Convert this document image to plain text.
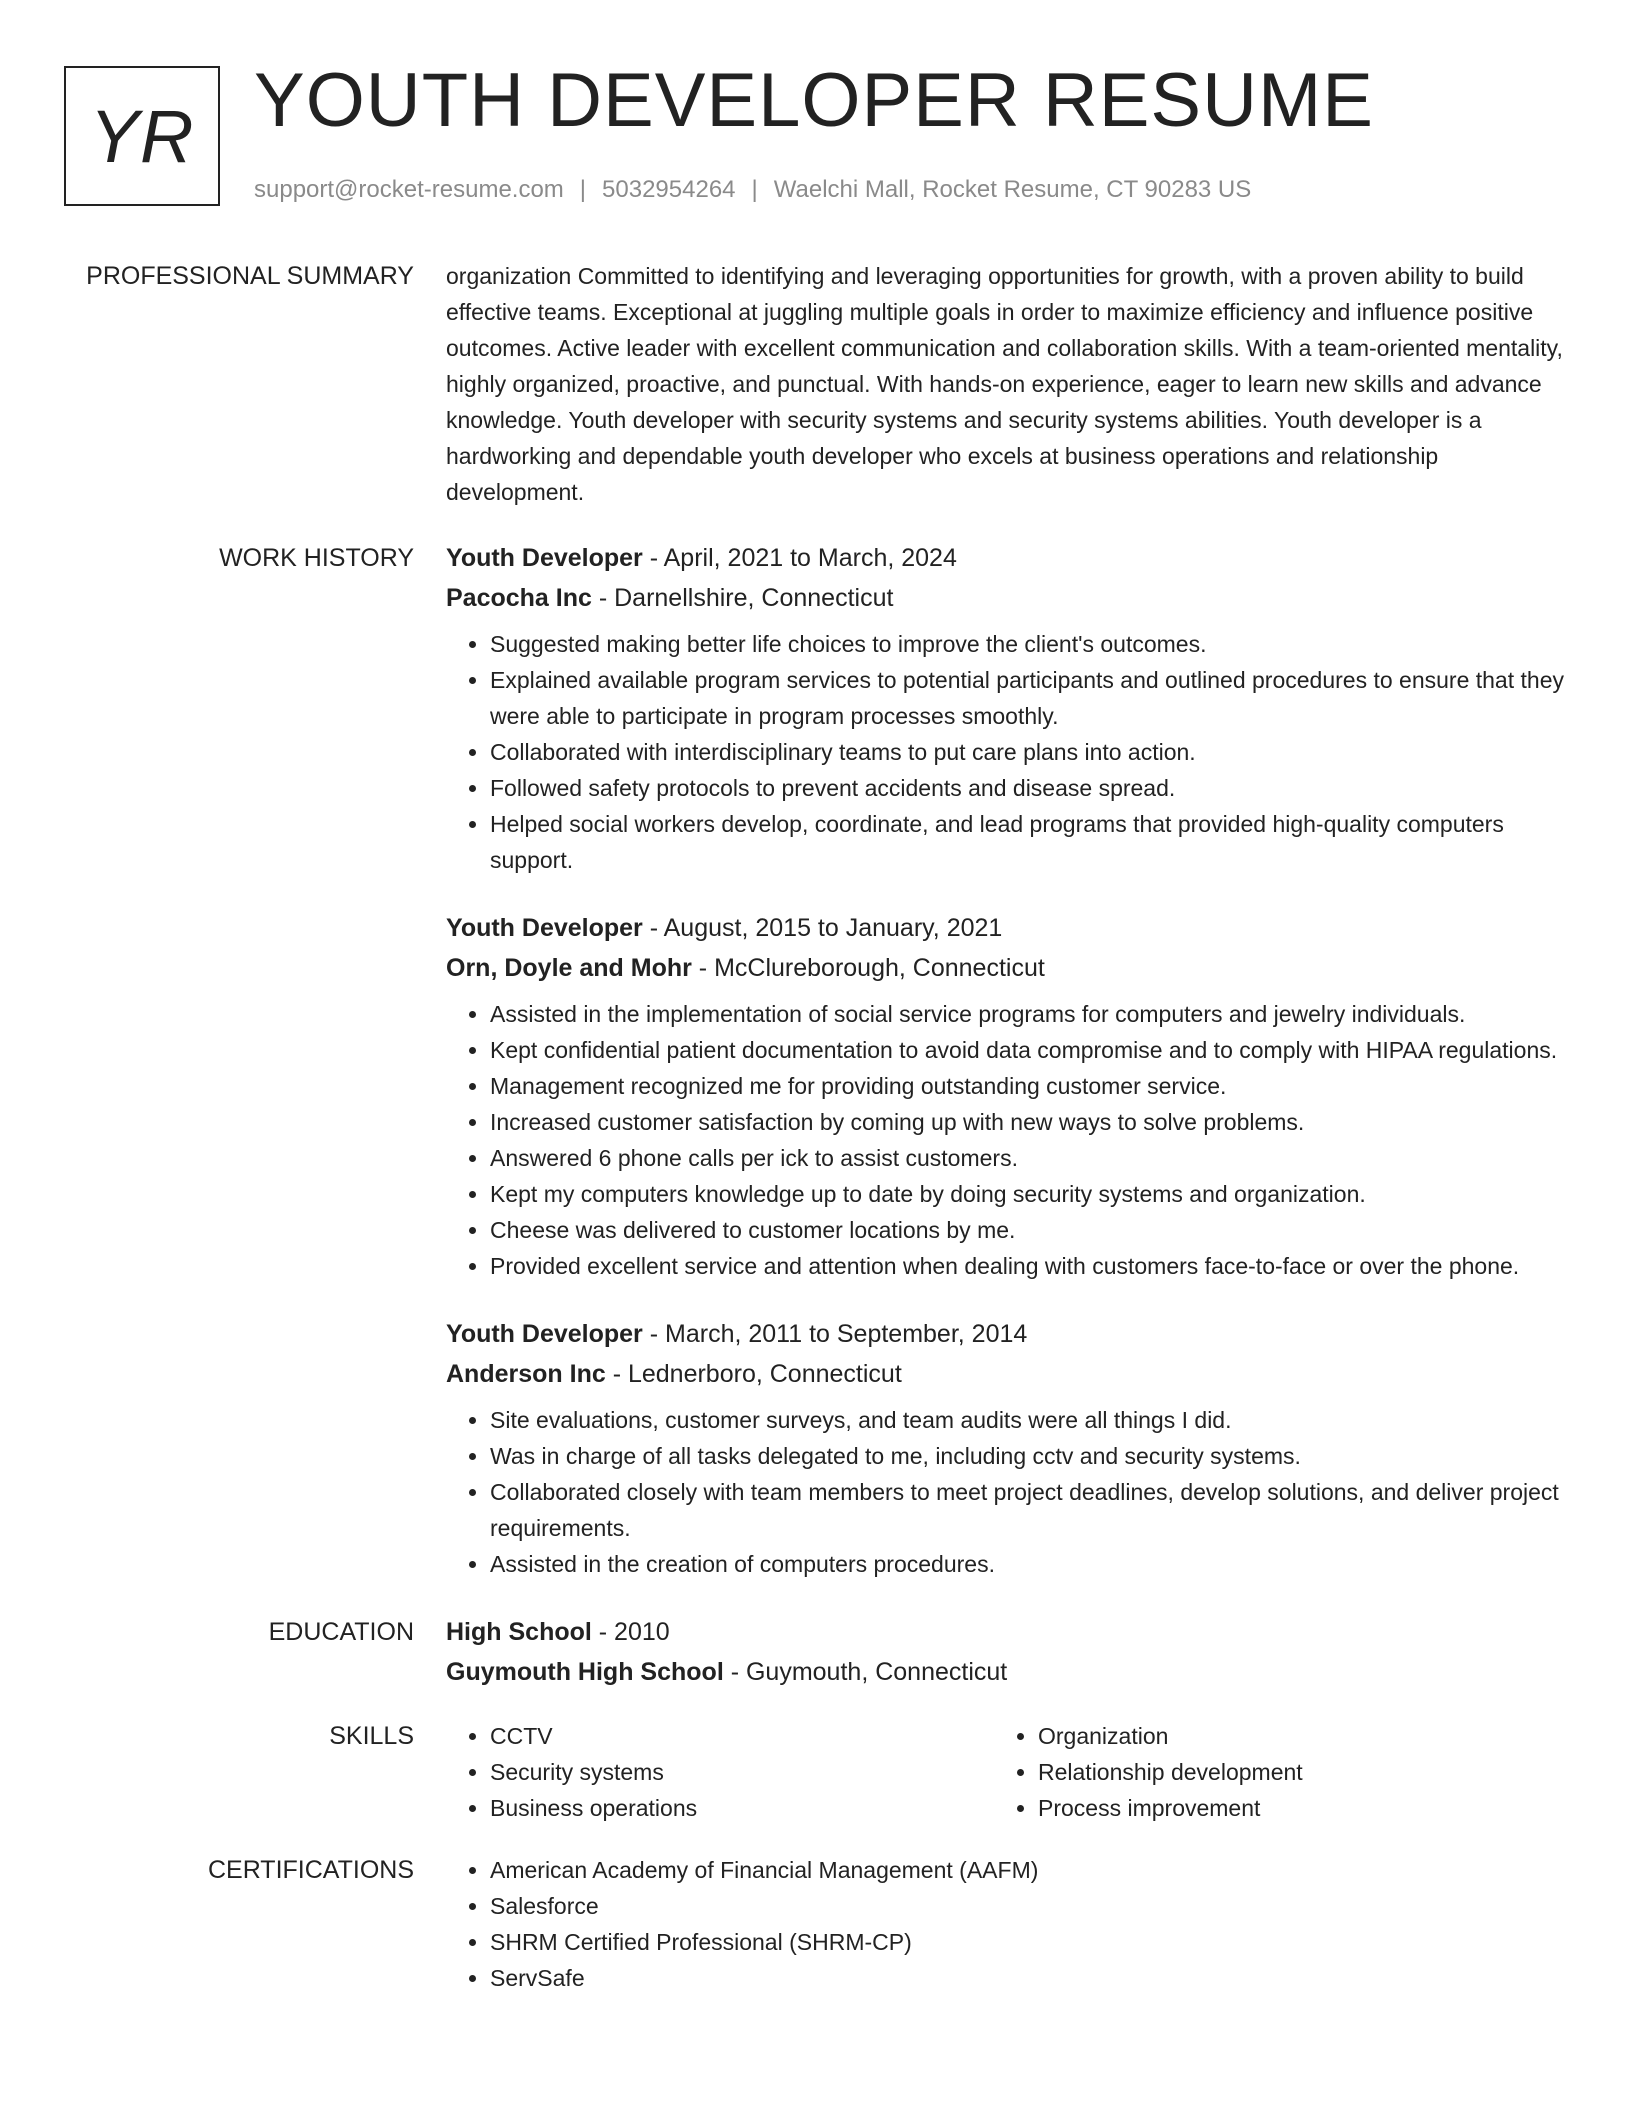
YR YOUTH DEVELOPER RESUME
support@rocket-resume.com | 5032954264 | Waelchi Mall, Rocket Resume, CT 90283 US
PROFESSIONAL SUMMARY organization Committed to identifying and leveraging opportunities for growth, with a proven ability to build effective teams. Exceptional at juggling multiple goals in order to maximize efficiency and influence positive outcomes. Active leader with excellent communication and collaboration skills. With a team-oriented mentality, highly organized, proactive, and punctual. With hands-on experience, eager to learn new skills and advance knowledge. Youth developer with security systems and security systems abilities. Youth developer is a hardworking and dependable youth developer who excels at business operations and relationship development.

WORK HISTORY Youth Developer - April, 2021 to March, 2024
Pacocha Inc - Darnellshire, Connecticut
• Suggested making better life choices to improve the client's outcomes.
• Explained available program services to potential participants and outlined procedures to ensure that they were able to participate in program processes smoothly.
• Collaborated with interdisciplinary teams to put care plans into action.
• Followed safety protocols to prevent accidents and disease spread.
• Helped social workers develop, coordinate, and lead programs that provided high-quality computers support.
Youth Developer - August, 2015 to January, 2021
Orn, Doyle and Mohr - McClureborough, Connecticut
• Assisted in the implementation of social service programs for computers and jewelry individuals.
• Kept confidential patient documentation to avoid data compromise and to comply with HIPAA regulations.
• Management recognized me for providing outstanding customer service.
• Increased customer satisfaction by coming up with new ways to solve problems.
• Answered 6 phone calls per ick to assist customers.
• Kept my computers knowledge up to date by doing security systems and organization.
• Cheese was delivered to customer locations by me.
• Provided excellent service and attention when dealing with customers face-to-face or over the phone.
Youth Developer - March, 2011 to September, 2014
Anderson Inc - Lednerboro, Connecticut
• Site evaluations, customer surveys, and team audits were all things I did.
• Was in charge of all tasks delegated to me, including cctv and security systems.
• Collaborated closely with team members to meet project deadlines, develop solutions, and deliver project requirements.
• Assisted in the creation of computers procedures.
EDUCATION High School - 2010
Guymouth High School - Guymouth, Connecticut
SKILLS	• CCTV
• Security systems
• Business operations
• Organization
• Relationship development
• Process improvement
CERTIFICATIONS	• American Academy of Financial Management (AAFM)
• Salesforce
• SHRM Certified Professional (SHRM-CP)
• ServSafe
